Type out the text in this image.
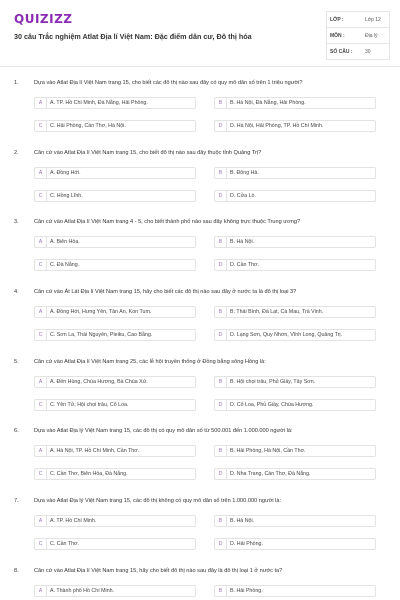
QUIZIZZ
30 câu Trắc nghiệm Atlat Địa lí Việt Nam: Đặc điểm dân cư, Đô thị hóa
LỚP :	Lớp 12
MÔN :	Địa lý
SỐ CÂU :	30
1.	Dựa vào Atlat Địa lí Việt Nam trang 15, cho biết các đô thị nào sau đây có quy mô dân số trên 1 triệu người?
A	A. TP. Hồ Chí Minh, Đà Nẵng, Hải Phòng.	B	B. Hà Nội, Đà Nẵng, Hải Phòng.
C	C. Hải Phòng, Cần Thơ, Hà Nội.	D	D. Hà Nội, Hải Phòng, TP. Hồ Chí Minh.
2.	Căn cứ vào Atlat Địa lí Việt Nam trang 15, cho biết đô thị nào sau đây thuộc tỉnh Quảng Trị?
A	A. Đồng Hới.	B	B. Đông Hà.
C	C. Hồng Lĩnh.	D	D. Cửa Lò.
3.	Căn cứ vào Atlat Địa lí Việt Nam trang 4 - 5, cho biết thành phố nào sau đây không trực thuộc Trung ương?
A	A. Biên Hòa.	B	B. Hà Nội.
C	C. Đà Nẵng.	D	D. Cần Thơ.
4.	Căn cứ vào Át Lát Địa lí Việt Nam trang 15, hãy cho biết các đô thị nào sau đây ở nước ta là đô thị loại 3?
A	A. Đồng Hới, Hưng Yên, Tân An, Kon Tum.	B	B. Thái Bình, Đà Lạt, Cà Mau, Trà Vinh.
C	C. Sơn La, Thái Nguyên, Pleiku, Cao Bằng.	D	D. Lạng Sơn, Quy Nhơn, Vĩnh Long, Quảng Trị.
5.	Căn cứ vào Atlat Địa lí Việt Nam trang 25, các lễ hội truyền thống ở Đồng bằng sông Hồng là:
A	A. Đền Hùng, Chùa Hương, Bà Chúa Xứ.	B	B. Hội chọi trâu, Phủ Giầy, Tây Sơn.
C	C. Yên Tử, Hội chọi trâu, Cổ Loa.	D	D. Cổ Loa, Phủ Giầy, Chùa Hương.
6.	Dựa vào Atlat Địa lý Việt Nam trang 15, các đô thị có quy mô dân số từ 500.001 đến 1.000.000 người là:
A	A. Hà Nội, TP. Hồ Chí Minh, Cần Thơ.	B	B. Hải Phòng, Hà Nội, Cần Thơ.
C	C. Cần Thơ, Biên Hòa, Đà Nẵng.	D	D. Nha Trang, Cần Thơ, Đà Nẵng.
7.	Dựa vào Atlat Địa lý Việt Nam trang 15, các đô thị không có quy mô dân số trên 1.000.000 người là:
A	A. TP. Hồ Chí Minh.	B	B. Hà Nội.
C	C. Cần Thơ.	D	D. Hải Phòng.
8.	Căn cứ vào Atlat Địa lí Việt Nam trang 15, hãy cho biết đô thị nào sau đây là đô thị loại 1 ở nước ta?
A	A. Thành phố Hồ Chí Minh.	B	B. Hải Phòng.
